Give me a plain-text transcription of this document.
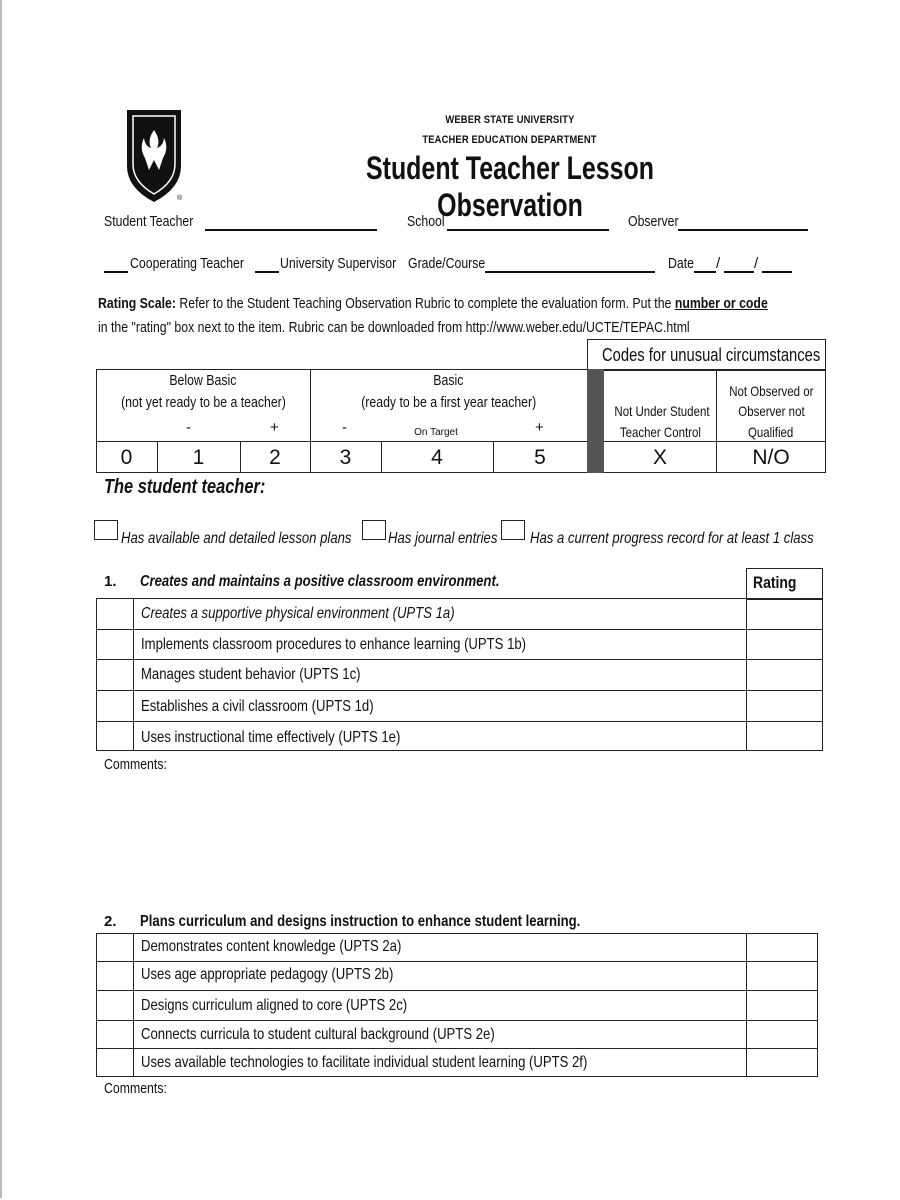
®
WEBER STATE UNIVERSITY
TEACHER EDUCATION DEPARTMENT
Student Teacher Lesson Observation
Student Teacher	School	Observer
Cooperating Teacher University Supervisor Grade/Course	Date / /
Rating Scale: Refer to the Student Teaching Observation Rubric to complete the evaluation form. Put the number or code
in the "rating" box next to the item. Rubric can be downloaded from http://www.weber.edu/UCTE/TEPAC.html
Codes for unusual circumstances
Below Basic
(not yet ready to be a teacher)
-	+
Basic
(ready to be a first year teacher)
-	On Target	+
Not Under Student
Teacher Control
Not Observed or
Observer not
Qualified
0	1	2	3	4	5	X	N/O
The student teacher:
Has available and detailed lesson plans Has journal entries Has a current progress record for at least 1 class
1. Creates and maintains a positive classroom environment.	Rating
Creates a supportive physical environment (UPTS 1a)
Implements classroom procedures to enhance learning (UPTS 1b)
Manages student behavior (UPTS 1c)
Establishes a civil classroom (UPTS 1d)
Uses instructional time effectively (UPTS 1e)
Comments:
2. Plans curriculum and designs instruction to enhance student learning.
Demonstrates content knowledge (UPTS 2a)
Uses age appropriate pedagogy (UPTS 2b)
Designs curriculum aligned to core (UPTS 2c)
Connects curricula to student cultural background (UPTS 2e)
Uses available technologies to facilitate individual student learning (UPTS 2f)
Comments:
